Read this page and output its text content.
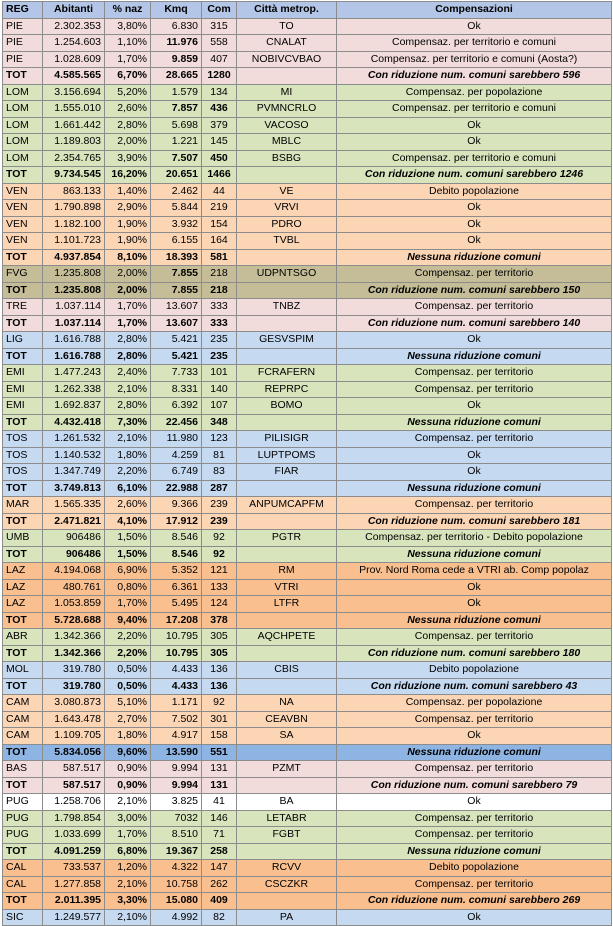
REG	Abitanti	% naz	Kmq	Com	Città metrop.	Compensazioni
PIE	2.302.353	3,80%	6.830	315	TO	Ok
PIE	1.254.603	1,10%	11.976	558	CNALAT	Compensaz. per territorio e comuni
PIE	1.028.609	1,70%	9.859	407	NOBIVCVBAO	Compensaz. per territorio e comuni (Aosta?)
TOT	4.585.565	6,70%	28.665	1280		Con riduzione num. comuni sarebbero 596
LOM	3.156.694	5,20%	1.579	134	MI	Compensaz. per popolazione
LOM	1.555.010	2,60%	7.857	436	PVMNCRLO	Compensaz. per territorio e comuni
LOM	1.661.442	2,80%	5.698	379	VACOSO	Ok
LOM	1.189.803	2,00%	1.221	145	MBLC	Ok
LOM	2.354.765	3,90%	7.507	450	BSBG	Compensaz. per territorio e comuni
TOT	9.734.545	16,20%	20.651	1466		Con riduzione num. comuni sarebbero 1246
VEN	863.133	1,40%	2.462	44	VE	Debito popolazione
VEN	1.790.898	2,90%	5.844	219	VRVI	Ok
VEN	1.182.100	1,90%	3.932	154	PDRO	Ok
VEN	1.101.723	1,90%	6.155	164	TVBL	Ok
TOT	4.937.854	8,10%	18.393	581		Nessuna riduzione comuni
FVG	1.235.808	2,00%	7.855	218	UDPNTSGO	Compensaz. per territorio
TOT	1.235.808	2,00%	7.855	218		Con riduzione num. comuni sarebbero 150
TRE	1.037.114	1,70%	13.607	333	TNBZ	Compensaz. per territorio
TOT	1.037.114	1,70%	13.607	333		Con riduzione num. comuni sarebbero 140
LIG	1.616.788	2,80%	5.421	235	GESVSPIM	Ok
TOT	1.616.788	2,80%	5.421	235		Nessuna riduzione comuni
EMI	1.477.243	2,40%	7.733	101	FCRAFERN	Compensaz. per territorio
EMI	1.262.338	2,10%	8.331	140	REPRPC	Compensaz. per territorio
EMI	1.692.837	2,80%	6.392	107	BOMO	Ok
TOT	4.432.418	7,30%	22.456	348		Nessuna riduzione comuni
TOS	1.261.532	2,10%	11.980	123	PILISIGR	Compensaz. per territorio
TOS	1.140.532	1,80%	4.259	81	LUPTPOMS	Ok
TOS	1.347.749	2,20%	6.749	83	FIAR	Ok
TOT	3.749.813	6,10%	22.988	287		Nessuna riduzione comuni
MAR	1.565.335	2,60%	9.366	239	ANPUMCAPFM	Compensaz. per territorio
TOT	2.471.821	4,10%	17.912	239		Con riduzione num. comuni sarebbero 181
UMB	906486	1,50%	8.546	92	PGTR	Compensaz. per territorio - Debito popolazione
TOT	906486	1,50%	8.546	92		Nessuna riduzione comuni
LAZ	4.194.068	6,90%	5.352	121	RM	Prov. Nord Roma cede a VTRI ab. Comp popolaz
LAZ	480.761	0,80%	6.361	133	VTRI	Ok
LAZ	1.053.859	1,70%	5.495	124	LTFR	Ok
TOT	5.728.688	9,40%	17.208	378		Nessuna riduzione comuni
ABR	1.342.366	2,20%	10.795	305	AQCHPETE	Compensaz. per territorio
TOT	1.342.366	2,20%	10.795	305		Con riduzione num. comuni sarebbero 180
MOL	319.780	0,50%	4.433	136	CBIS	Debito popolazione
TOT	319.780	0,50%	4.433	136		Con riduzione num. comuni sarebbero 43
CAM	3.080.873	5,10%	1.171	92	NA	Compensaz. per popolazione
CAM	1.643.478	2,70%	7.502	301	CEAVBN	Compensaz. per territorio
CAM	1.109.705	1,80%	4.917	158	SA	Ok
TOT	5.834.056	9,60%	13.590	551		Nessuna riduzione comuni
BAS	587.517	0,90%	9.994	131	PZMT	Compensaz. per territorio
TOT	587.517	0,90%	9.994	131		Con riduzione num. comuni sarebbero 79
PUG	1.258.706	2,10%	3.825	41	BA	Ok
PUG	1.798.854	3,00%	7032	146	LETABR	Compensaz. per territorio
PUG	1.033.699	1,70%	8.510	71	FGBT	Compensaz. per territorio
TOT	4.091.259	6,80%	19.367	258		Nessuna riduzione comuni
CAL	733.537	1,20%	4.322	147	RCVV	Debito popolazione
CAL	1.277.858	2,10%	10.758	262	CSCZKR	Compensaz. per territorio
TOT	2.011.395	3,30%	15.080	409		Con riduzione num. comuni sarebbero 269
SIC	1.249.577	2,10%	4.992	82	PA	Ok
